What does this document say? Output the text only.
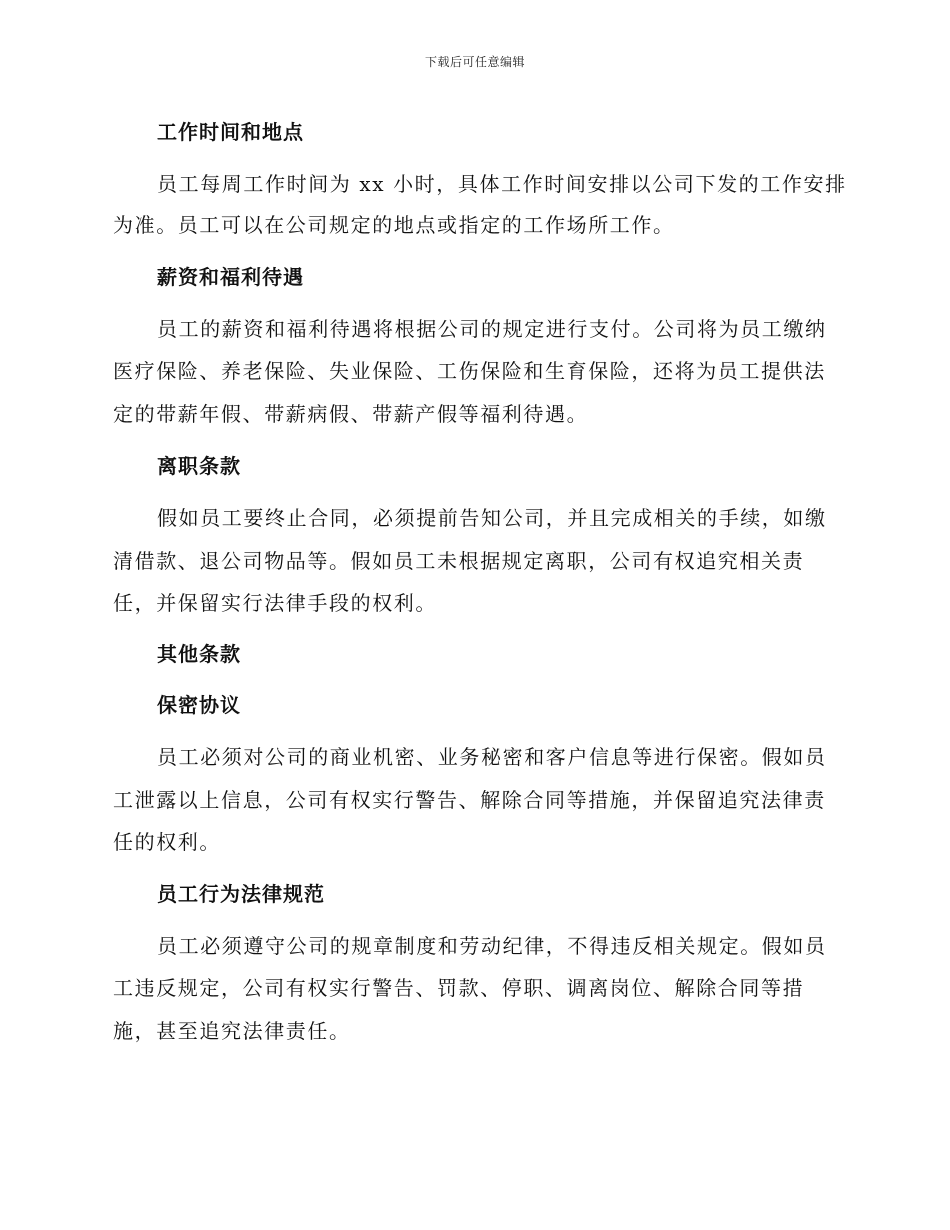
下载后可任意编辑
工作时间和地点
员工每周工作时间为 xx 小时，具体工作时间安排以公司下发的工作安排
为准。员工可以在公司规定的地点或指定的工作场所工作。
薪资和福利待遇
员工的薪资和福利待遇将根据公司的规定进行支付。公司将为员工缴纳
医疗保险、养老保险、失业保险、工伤保险和生育保险，还将为员工提供法
定的带薪年假、带薪病假、带薪产假等福利待遇。
离职条款
假如员工要终止合同，必须提前告知公司，并且完成相关的手续，如缴
清借款、退公司物品等。假如员工未根据规定离职，公司有权追究相关责
任，并保留实行法律手段的权利。
其他条款
保密协议
员工必须对公司的商业机密、业务秘密和客户信息等进行保密。假如员
工泄露以上信息，公司有权实行警告、解除合同等措施，并保留追究法律责
任的权利。
员工行为法律规范
员工必须遵守公司的规章制度和劳动纪律，不得违反相关规定。假如员
工违反规定，公司有权实行警告、罚款、停职、调离岗位、解除合同等措
施，甚至追究法律责任。
